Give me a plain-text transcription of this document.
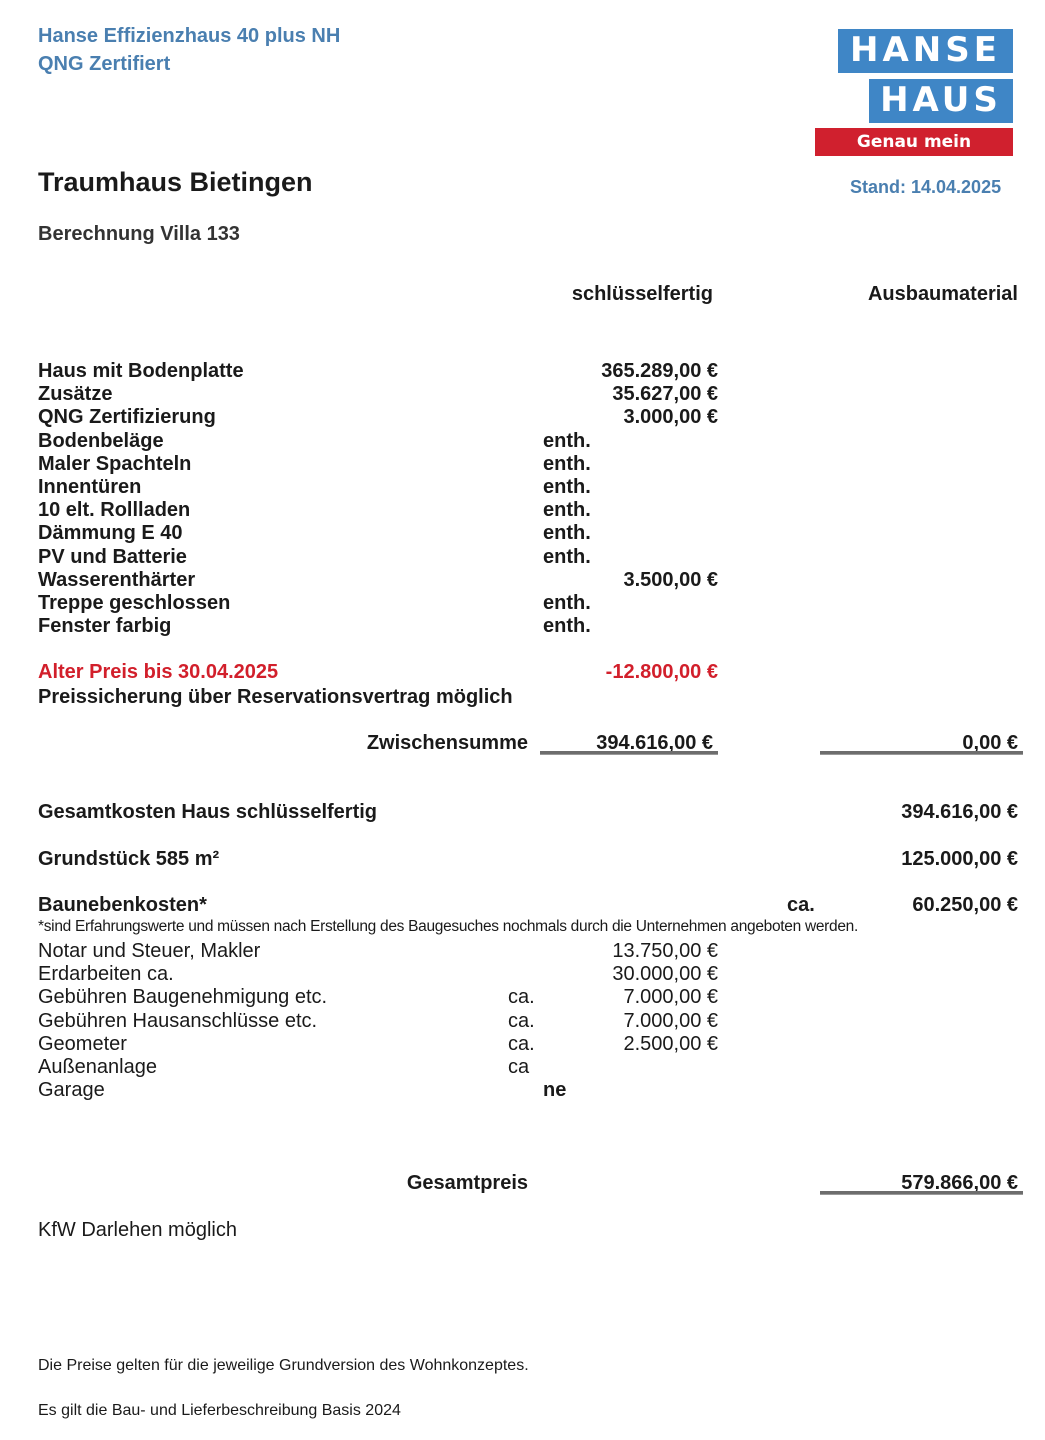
Hanse Effizienzhaus 40 plus NH
QNG Zertifiert	HANSE
HAUS
Genau mein Zuhause.
Stand: 14.04.2025
Traumhaus Bietingen
Berechnung Villa 133
schlüsselfertig	Ausbaumaterial
Haus mit Bodenplatte	365.289,00 €
Zusätze	35.627,00 €
QNG Zertifizierung	3.000,00 €
Bodenbeläge	enth.
Maler Spachteln	enth.
Innentüren	enth.
10 elt. Rollladen	enth.
Dämmung E 40	enth.
PV und Batterie	enth.
Wasserenthärter	3.500,00 €
Treppe geschlossen	enth.
Fenster farbig	enth.
Alter Preis bis 30.04.2025	-12.800,00 €
Preissicherung über Reservationsvertrag möglich
Zwischensumme	394.616,00 €	0,00 €
Gesamtkosten Haus schlüsselfertig	394.616,00 €
Grundstück 585 m²	125.000,00 €
Baunebenkosten*	ca.	60.250,00 €
*sind Erfahrungswerte und müssen nach Erstellung des Baugesuches nochmals durch die Unternehmen angeboten werden.
Notar und Steuer, Makler	13.750,00 €
Erdarbeiten ca.	30.000,00 €
Gebühren Baugenehmigung etc.	ca.	7.000,00 €
Gebühren Hausanschlüsse etc.	ca.	7.000,00 €
Geometer	ca.	2.500,00 €
Außenanlage	ca
Garage	ne
Gesamtpreis	579.866,00 €
KfW Darlehen möglich
Die Preise gelten für die jeweilige Grundversion des Wohnkonzeptes.
Es gilt die Bau- und Lieferbeschreibung Basis 2024
